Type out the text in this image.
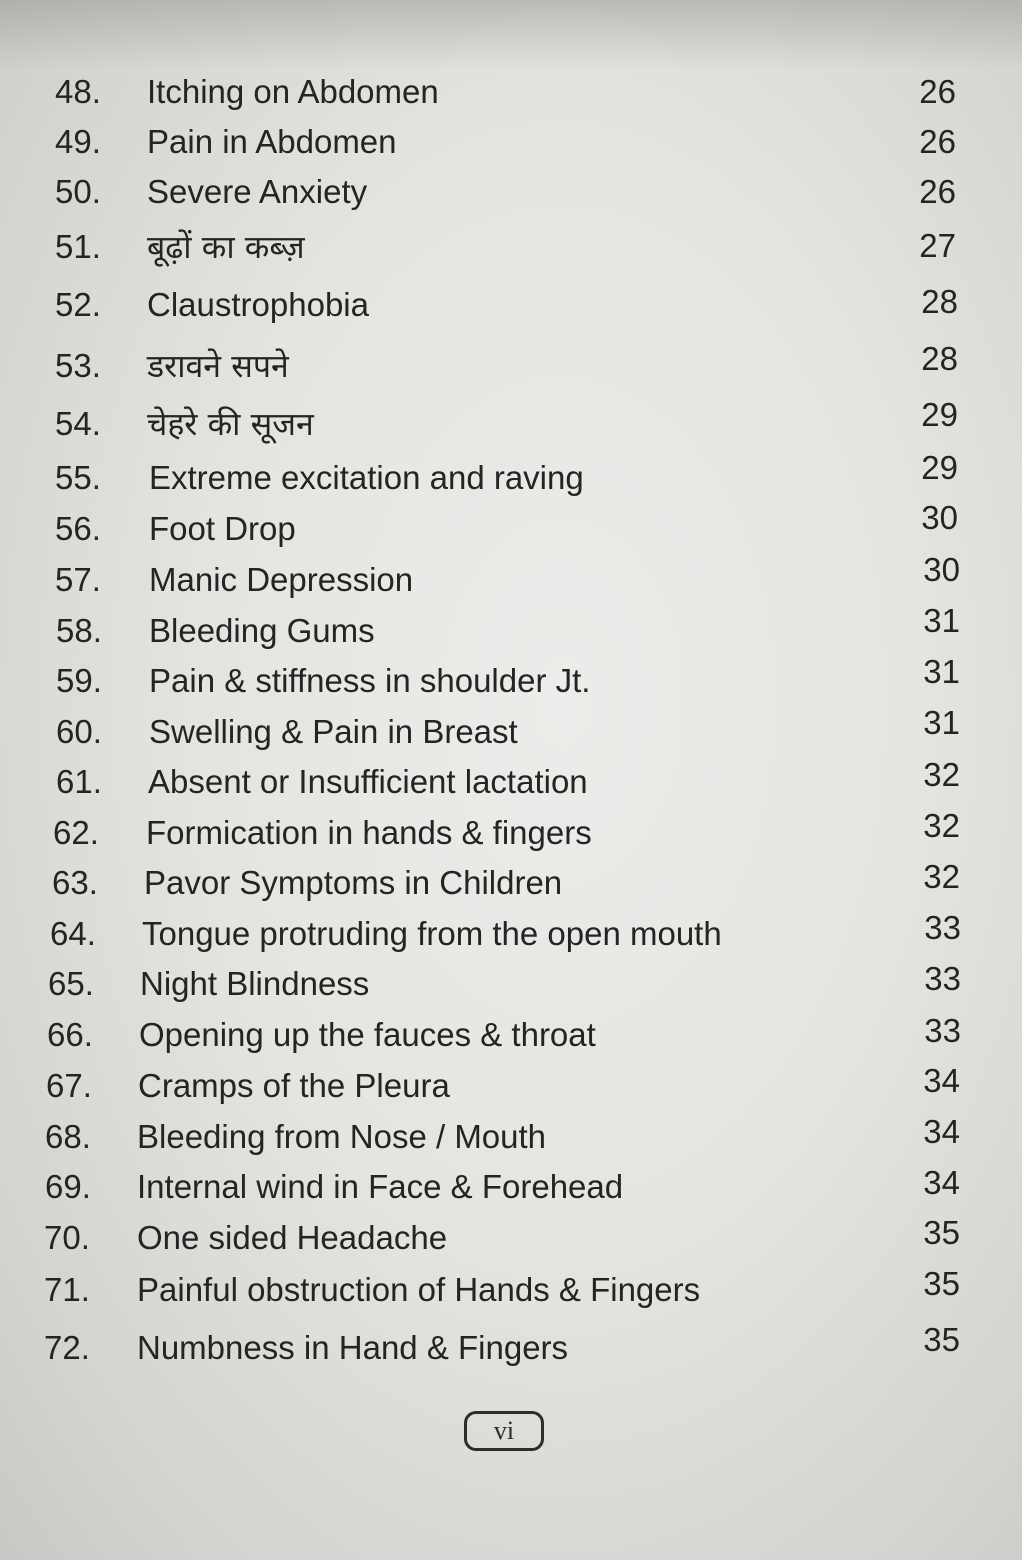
48. Itching on Abdomen	26
49. Pain in Abdomen	26
50. Severe Anxiety	26
51. बूढ़ों का कब्ज़	27
52. Claustrophobia	28
53. डरावने सपने	28
54. चेहरे की सूजन	29
55. Extreme excitation and raving	29
56. Foot Drop	30
57. Manic Depression	30
58. Bleeding Gums	31
59. Pain & stiffness in shoulder Jt.	31
60. Swelling & Pain in Breast	31
61. Absent or Insufficient lactation	32
62. Formication in hands & fingers	32
63. Pavor Symptoms in Children	32
64. Tongue protruding from the open mouth	33
65. Night Blindness	33
66. Opening up the fauces & throat	33
67. Cramps of the Pleura	34
68. Bleeding from Nose / Mouth	34
69. Internal wind in Face & Forehead	34
70. One sided Headache	35
71. Painful obstruction of Hands & Fingers	35
72. Numbness in Hand & Fingers	35
vi
